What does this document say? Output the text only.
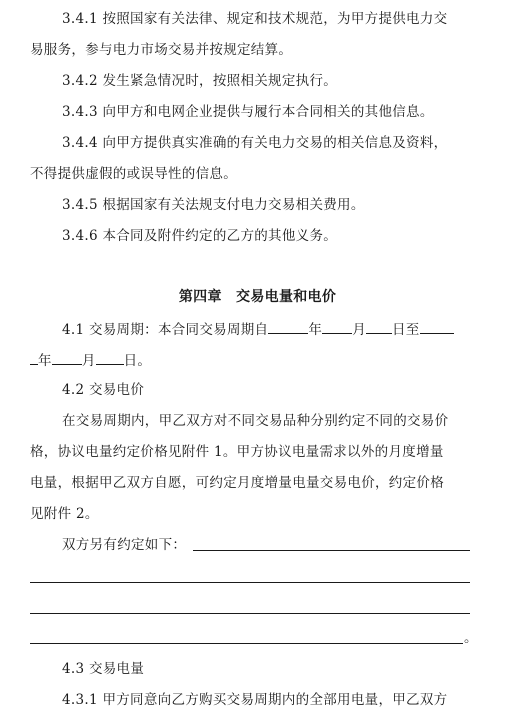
3.4.1 按照国家有关法律、规定和技术规范，为甲方提供电力交
易服务，参与电力市场交易并按规定结算。
3.4.2 发生紧急情况时，按照相关规定执行。
3.4.3 向甲方和电网企业提供与履行本合同相关的其他信息。
3.4.4 向甲方提供真实准确的有关电力交易的相关信息及资料，
不得提供虚假的或误导性的信息。
3.4.5 根据国家有关法规支付电力交易相关费用。
3.4.6 本合同及附件约定的乙方的其他义务。
第四章　交易电量和电价
4.1 交易周期：本合同交易周期自	年 月 日至
年 月 日。
4.2 交易电价
在交易周期内，甲乙双方对不同交易品种分别约定不同的交易价
格，协议电量约定价格见附件 1。甲方协议电量需求以外的月度增量
电量，根据甲乙双方自愿，可约定月度增量电量交易电价，约定价格
见附件 2。
双方另有约定如下：
。
4.3 交易电量
4.3.1 甲方同意向乙方购买交易周期内的全部用电量，甲乙双方
